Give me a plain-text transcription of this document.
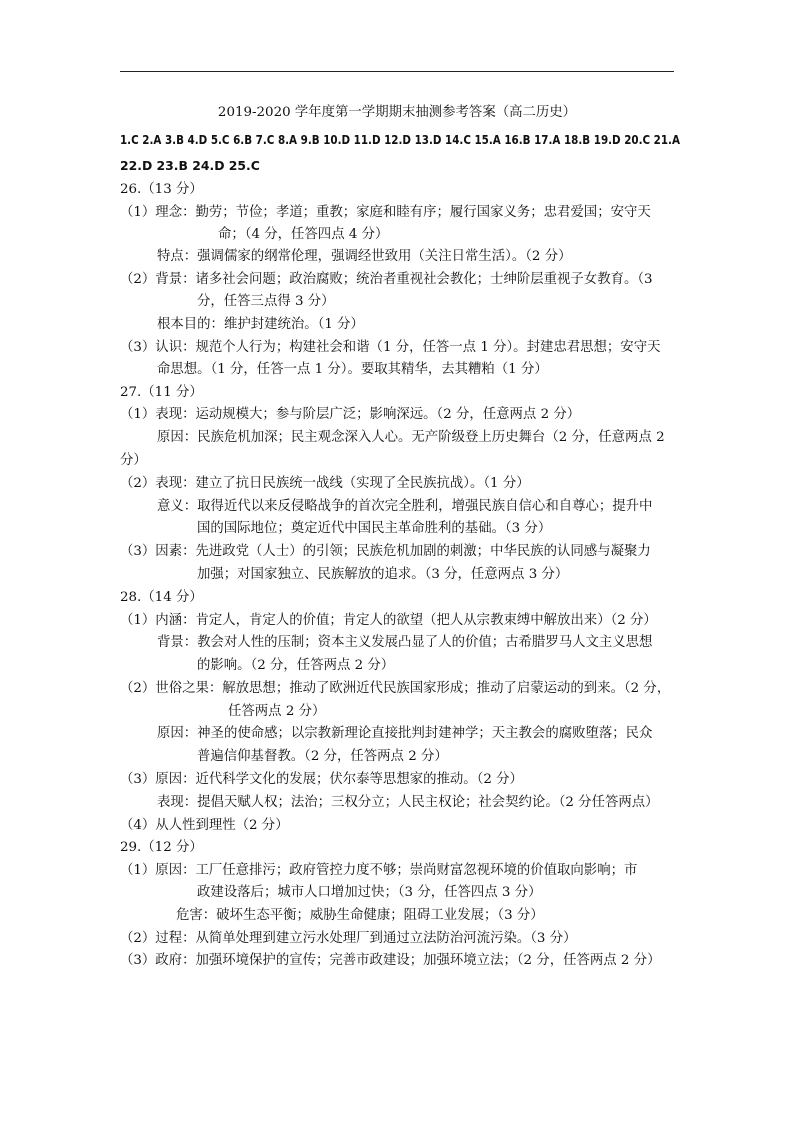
2019-2020 学年度第一学期期末抽测参考答案（高二历史）
1.C 2.A 3.B 4.D 5.C 6.B 7.C 8.A 9.B 10.D 11.D 12.D 13.D 14.C 15.A 16.B 17.A 18.B 19.D 20.C 21.A
22.D 23.B 24.D 25.C
26.（13 分）
（1）理念：勤劳；节俭；孝道；重教；家庭和睦有序；履行国家义务；忠君爱国；安守天
命；（4 分，任答四点 4 分）
特点：强调儒家的纲常伦理，强调经世致用（关注日常生活）。（2 分）
（2）背景：诸多社会问题；政治腐败；统治者重视社会教化；士绅阶层重视子女教育。（3
分，任答三点得 3 分）
根本目的：维护封建统治。（1 分）
（3）认识：规范个人行为；构建社会和谐（1 分，任答一点 1 分）。封建忠君思想；安守天
命思想。（1 分，任答一点 1 分）。要取其精华，去其糟粕（1 分）
27.（11 分）
（1）表现：运动规模大；参与阶层广泛；影响深远。（2 分，任意两点 2 分）
原因：民族危机加深；民主观念深入人心。无产阶级登上历史舞台（2 分，任意两点 2
分）
（2）表现：建立了抗日民族统一战线（实现了全民族抗战）。（1 分）
意义：取得近代以来反侵略战争的首次完全胜利，增强民族自信心和自尊心；提升中
国的国际地位；奠定近代中国民主革命胜利的基础。（3 分）
（3）因素：先进政党（人士）的引领；民族危机加剧的刺激；中华民族的认同感与凝聚力
加强；对国家独立、民族解放的追求。（3 分，任意两点 3 分）
28.（14 分）
（1）内涵：肯定人，肯定人的价值；肯定人的欲望（把人从宗教束缚中解放出来）（2 分）
背景：教会对人性的压制；资本主义发展凸显了人的价值；古希腊罗马人文主义思想
的影响。（2 分，任答两点 2 分）
（2）世俗之果：解放思想；推动了欧洲近代民族国家形成；推动了启蒙运动的到来。（2 分，
任答两点 2 分）
原因：神圣的使命感；以宗教新理论直接批判封建神学；天主教会的腐败堕落；民众
普遍信仰基督教。（2 分，任答两点 2 分）
（3）原因：近代科学文化的发展；伏尔泰等思想家的推动。（2 分）
表现：提倡天赋人权；法治；三权分立；人民主权论；社会契约论。（2 分任答两点）
（4）从人性到理性（2 分）
29.（12 分）
（1）原因：工厂任意排污；政府管控力度不够；崇尚财富忽视环境的价值取向影响；市
政建设落后；城市人口增加过快；（3 分，任答四点 3 分）
危害：破坏生态平衡；威胁生命健康；阻碍工业发展；（3 分）
（2）过程：从简单处理到建立污水处理厂到通过立法防治河流污染。（3 分）
（3）政府：加强环境保护的宣传；完善市政建设；加强环境立法；（2 分，任答两点 2 分）
